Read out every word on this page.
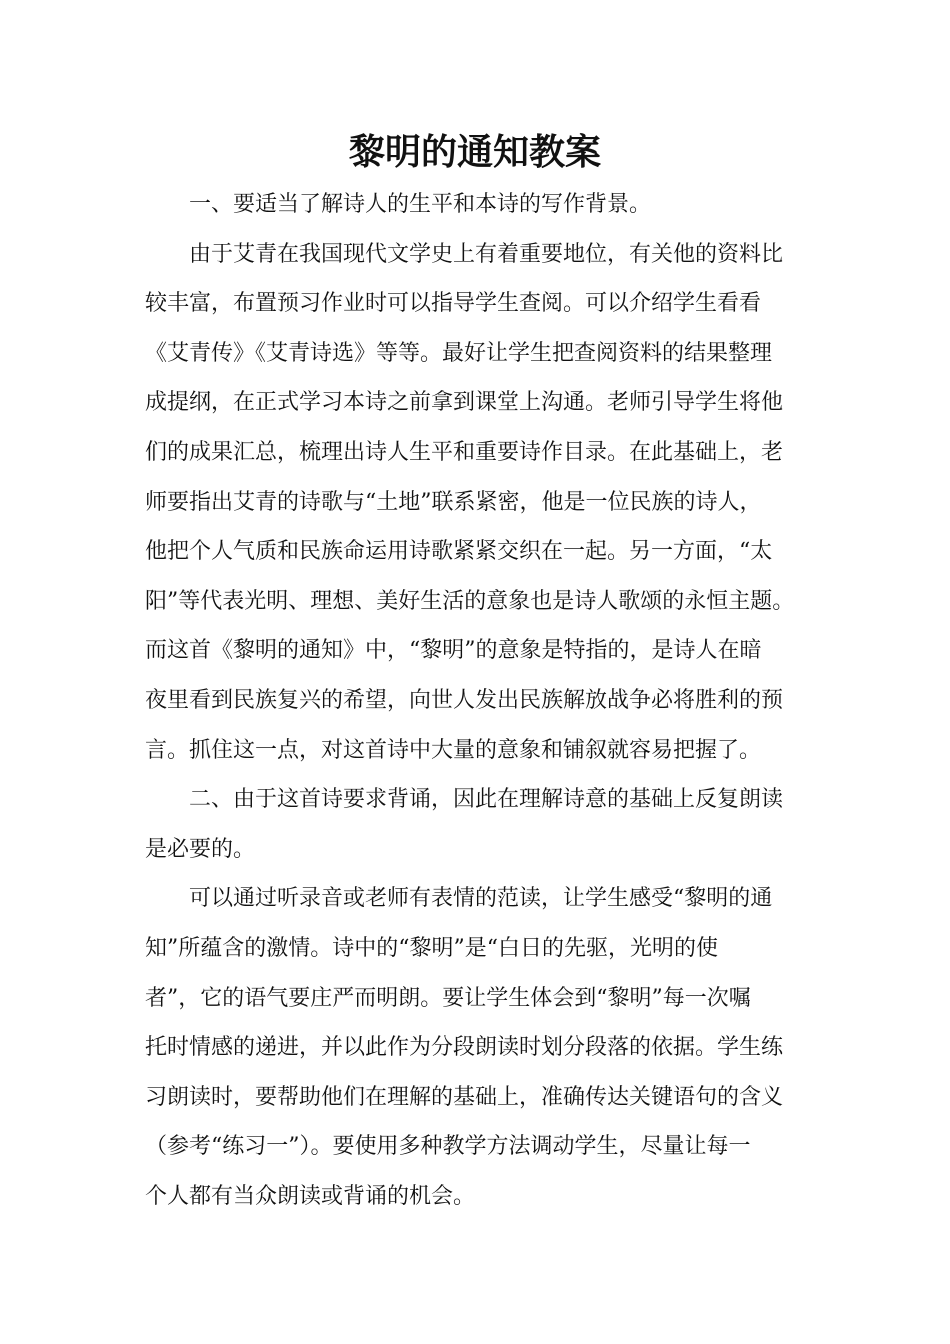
黎明的通知教案

一、要适当了解诗人的生平和本诗的写作背景。

由于艾青在我国现代文学史上有着重要地位，有关他的资料比
较丰富，布置预习作业时可以指导学生查阅。可以介绍学生看看
《艾青传》《艾青诗选》等等。最好让学生把查阅资料的结果整理
成提纲，在正式学习本诗之前拿到课堂上沟通。老师引导学生将他
们的成果汇总，梳理出诗人生平和重要诗作目录。在此基础上，老
师要指出艾青的诗歌与“土地”联系紧密，他是一位民族的诗人，
他把个人气质和民族命运用诗歌紧紧交织在一起。另一方面，“太
阳”等代表光明、理想、美好生活的意象也是诗人歌颂的永恒主题。
而这首《黎明的通知》中，“黎明”的意象是特指的，是诗人在暗
夜里看到民族复兴的希望，向世人发出民族解放战争必将胜利的预
言。抓住这一点，对这首诗中大量的意象和铺叙就容易把握了。

二、由于这首诗要求背诵，因此在理解诗意的基础上反复朗读
是必要的。

可以通过听录音或老师有表情的范读，让学生感受“黎明的通
知”所蕴含的激情。诗中的“黎明”是“白日的先驱，光明的使
者”，它的语气要庄严而明朗。要让学生体会到“黎明”每一次嘱
托时情感的递进，并以此作为分段朗读时划分段落的依据。学生练
习朗读时，要帮助他们在理解的基础上，准确传达关键语句的含义
（参考“练习一”）。要使用多种教学方法调动学生，尽量让每一
个人都有当众朗读或背诵的机会。
